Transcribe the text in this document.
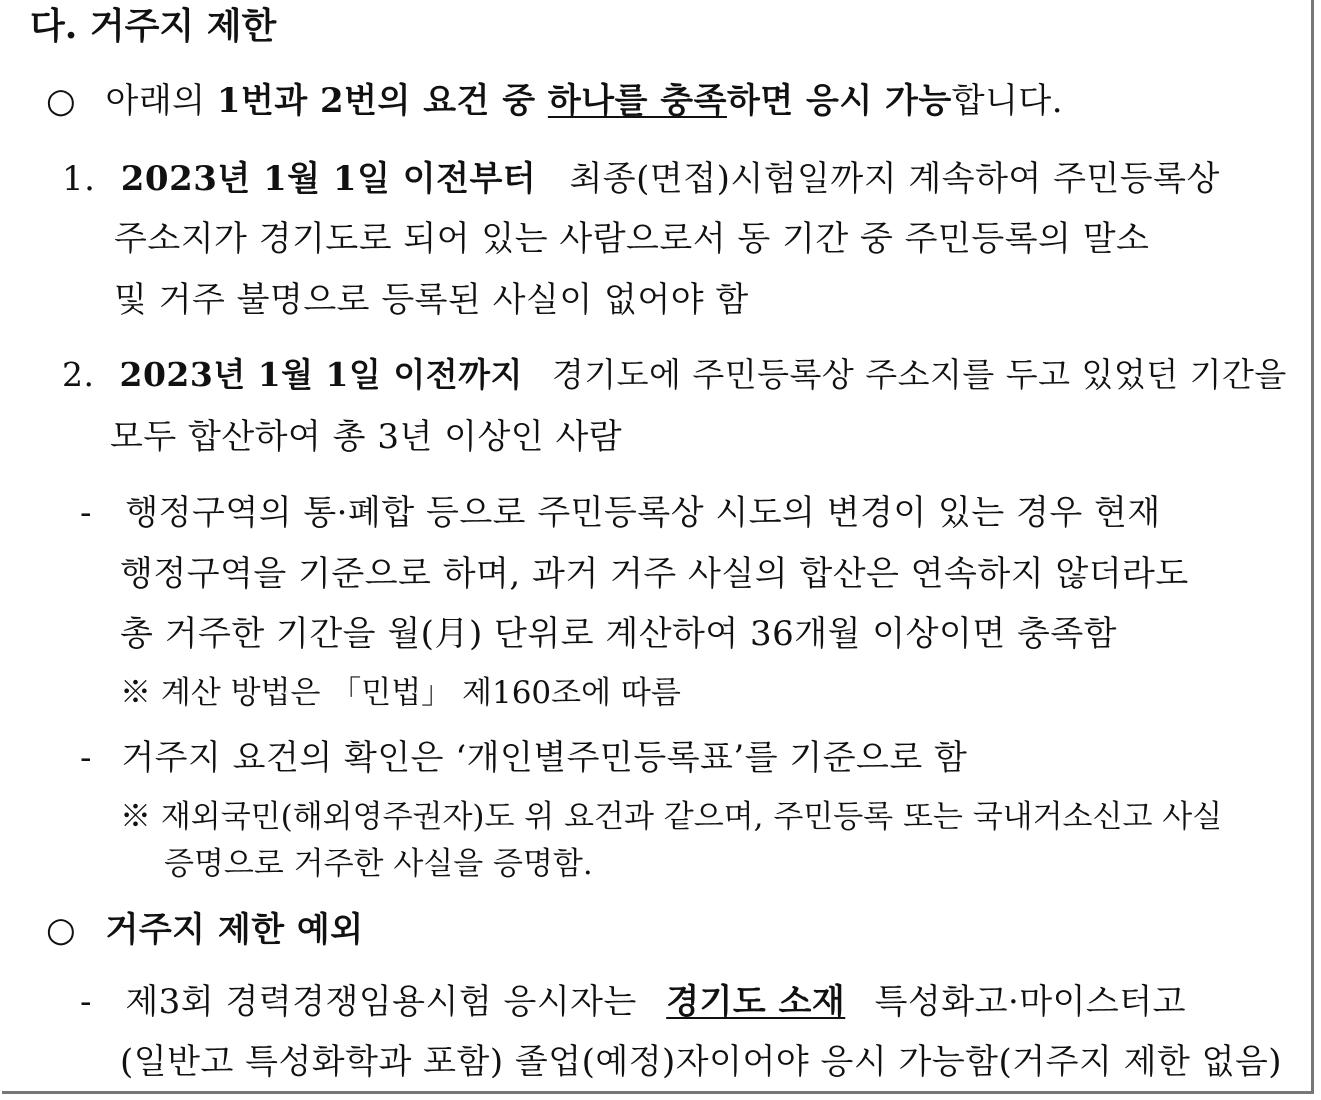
다. 거주지 제한
○ 아래의 1번과 2번의 요건 중 하나를 충족하면 응시 가능합니다.
1. 2023년 1월 1일 이전부터 최종(면접)시험일까지 계속하여 주민등록상
주소지가 경기도로 되어 있는 사람으로서 동 기간 중 주민등록의 말소
및 거주 불명으로 등록된 사실이 없어야 함
2. 2023년 1월 1일 이전까지 경기도에 주민등록상 주소지를 두고 있었던 기간을
모두 합산하여 총 3년 이상인 사람
- 행정구역의 통·폐합 등으로 주민등록상 시도의 변경이 있는 경우 현재
행정구역을 기준으로 하며, 과거 거주 사실의 합산은 연속하지 않더라도
총 거주한 기간을 월(月) 단위로 계산하여 36개월 이상이면 충족함
※ 계산 방법은 「민법」 제160조에 따름
- 거주지 요건의 확인은 ‘개인별주민등록표’를 기준으로 함
※ 재외국민(해외영주권자)도 위 요건과 같으며, 주민등록 또는 국내거소신고 사실
증명으로 거주한 사실을 증명함.
○ 거주지 제한 예외
- 제3회 경력경쟁임용시험 응시자는 경기도 소재 특성화고·마이스터고
(일반고 특성화학과 포함) 졸업(예정)자이어야 응시 가능함(거주지 제한 없음)
